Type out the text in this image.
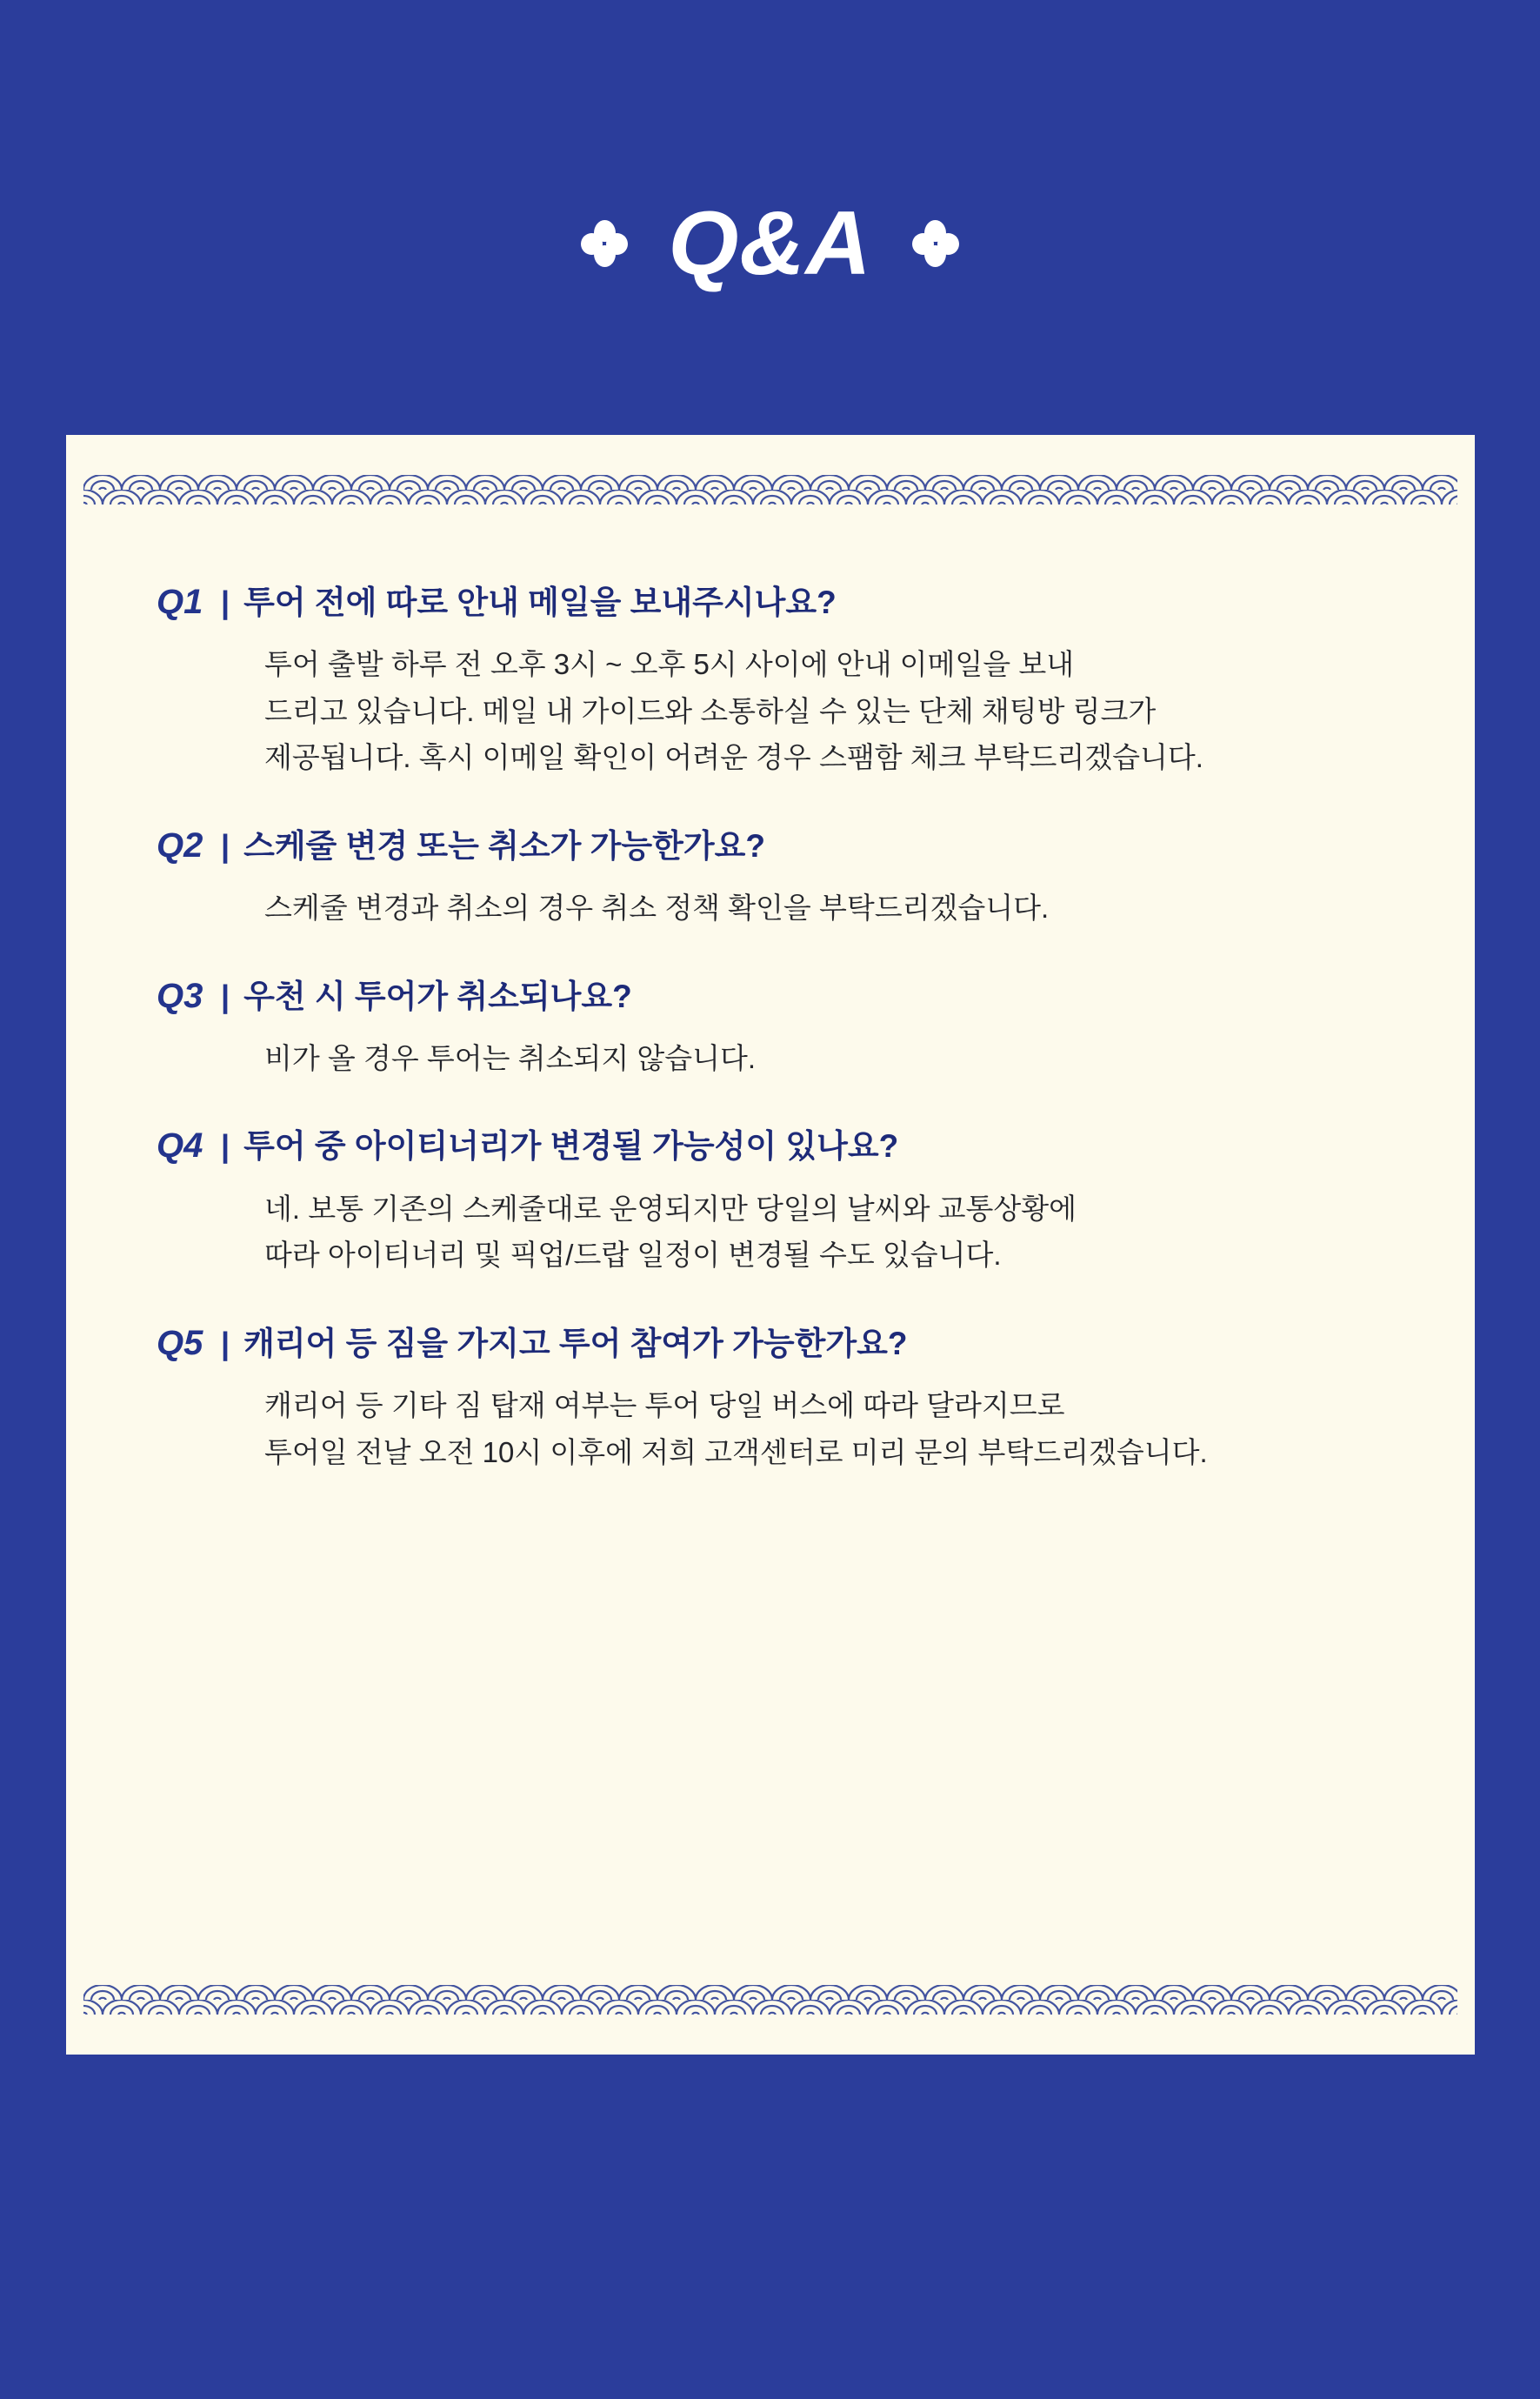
Q&A
Q1 | 투어 전에 따로 안내 메일을 보내주시나요?
투어 출발 하루 전 오후 3시 ~ 오후 5시 사이에 안내 이메일을 보내
드리고 있습니다. 메일 내 가이드와 소통하실 수 있는 단체 채팅방 링크가
제공됩니다. 혹시 이메일 확인이 어려운 경우 스팸함 체크 부탁드리겠습니다.
Q2 | 스케줄 변경 또는 취소가 가능한가요?
스케줄 변경과 취소의 경우 취소 정책 확인을 부탁드리겠습니다.
Q3 | 우천 시 투어가 취소되나요?
비가 올 경우 투어는 취소되지 않습니다.
Q4 | 투어 중 아이티너리가 변경될 가능성이 있나요?
네. 보통 기존의 스케줄대로 운영되지만 당일의 날씨와 교통상황에
따라 아이티너리 및 픽업/드랍 일정이 변경될 수도 있습니다.
Q5 | 캐리어 등 짐을 가지고 투어 참여가 가능한가요?
캐리어 등 기타 짐 탑재 여부는 투어 당일 버스에 따라 달라지므로
투어일 전날 오전 10시 이후에 저희 고객센터로 미리 문의 부탁드리겠습니다.
